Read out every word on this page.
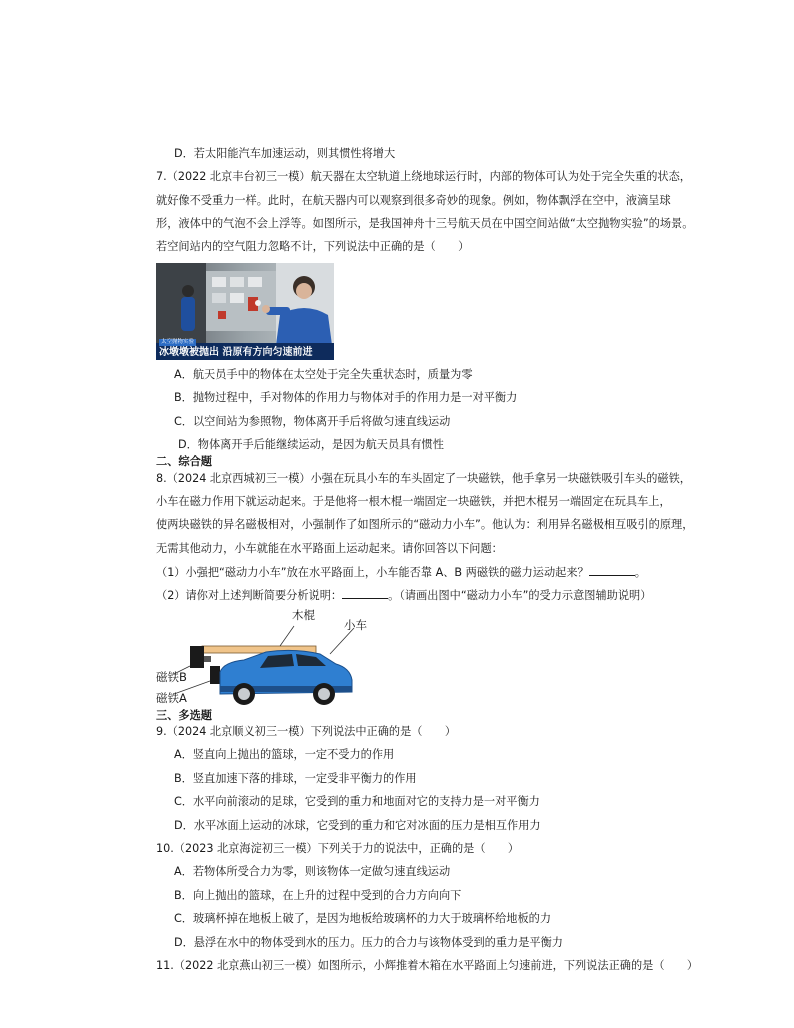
D．若太阳能汽车加速运动，则其惯性将增大
7.（2022 北京丰台初三一模）航天器在太空轨道上绕地球运行时，内部的物体可认为处于完全失重的状态，
就好像不受重力一样。此时，在航天器内可以观察到很多奇妙的现象。例如，物体飘浮在空中，液滴呈球
形，液体中的气泡不会上浮等。如图所示，是我国神舟十三号航天员在中国空间站做“太空抛物实验”的场景。
若空间站内的空气阻力忽略不计，下列说法中正确的是（　　）
太空抛物实验
冰墩墩被抛出 沿原有方向匀速前进
A．航天员手中的物体在太空处于完全失重状态时，质量为零
B．抛物过程中，手对物体的作用力与物体对手的作用力是一对平衡力
C．以空间站为参照物，物体离开手后将做匀速直线运动
D．物体离开手后能继续运动，是因为航天员具有惯性
二、综合题
8.（2024 北京西城初三一模）小强在玩具小车的车头固定了一块磁铁，他手拿另一块磁铁吸引车头的磁铁，
小车在磁力作用下就运动起来。于是他将一根木棍一端固定一块磁铁，并把木棍另一端固定在玩具车上，
使两块磁铁的异名磁极相对，小强制作了如图所示的“磁动力小车”。他认为：利用异名磁极相互吸引的原理，
无需其他动力，小车就能在水平路面上运动起来。请你回答以下问题：
（1）小强把“磁动力小车”放在水平路面上，小车能否靠 A、B 两磁铁的磁力运动起来？	。
（2）请你对上述判断简要分析说明：	。（请画出图中“磁动力小车”的受力示意图辅助说明）
木棍
小车
磁铁B
磁铁A
三、多选题
9.（2024 北京顺义初三一模）下列说法中正确的是（　　）
A．竖直向上抛出的篮球，一定不受力的作用
B．竖直加速下落的排球，一定受非平衡力的作用
C．水平向前滚动的足球，它受到的重力和地面对它的支持力是一对平衡力
D．水平冰面上运动的冰球，它受到的重力和它对冰面的压力是相互作用力
10.（2023 北京海淀初三一模）下列关于力的说法中，正确的是（　　）
A．若物体所受合力为零，则该物体一定做匀速直线运动
B．向上抛出的篮球，在上升的过程中受到的合力方向向下
C．玻璃杯掉在地板上破了，是因为地板给玻璃杯的力大于玻璃杯给地板的力
D．悬浮在水中的物体受到水的压力。压力的合力与该物体受到的重力是平衡力
11.（2022 北京燕山初三一模）如图所示，小辉推着木箱在水平路面上匀速前进，下列说法正确的是（　　）
